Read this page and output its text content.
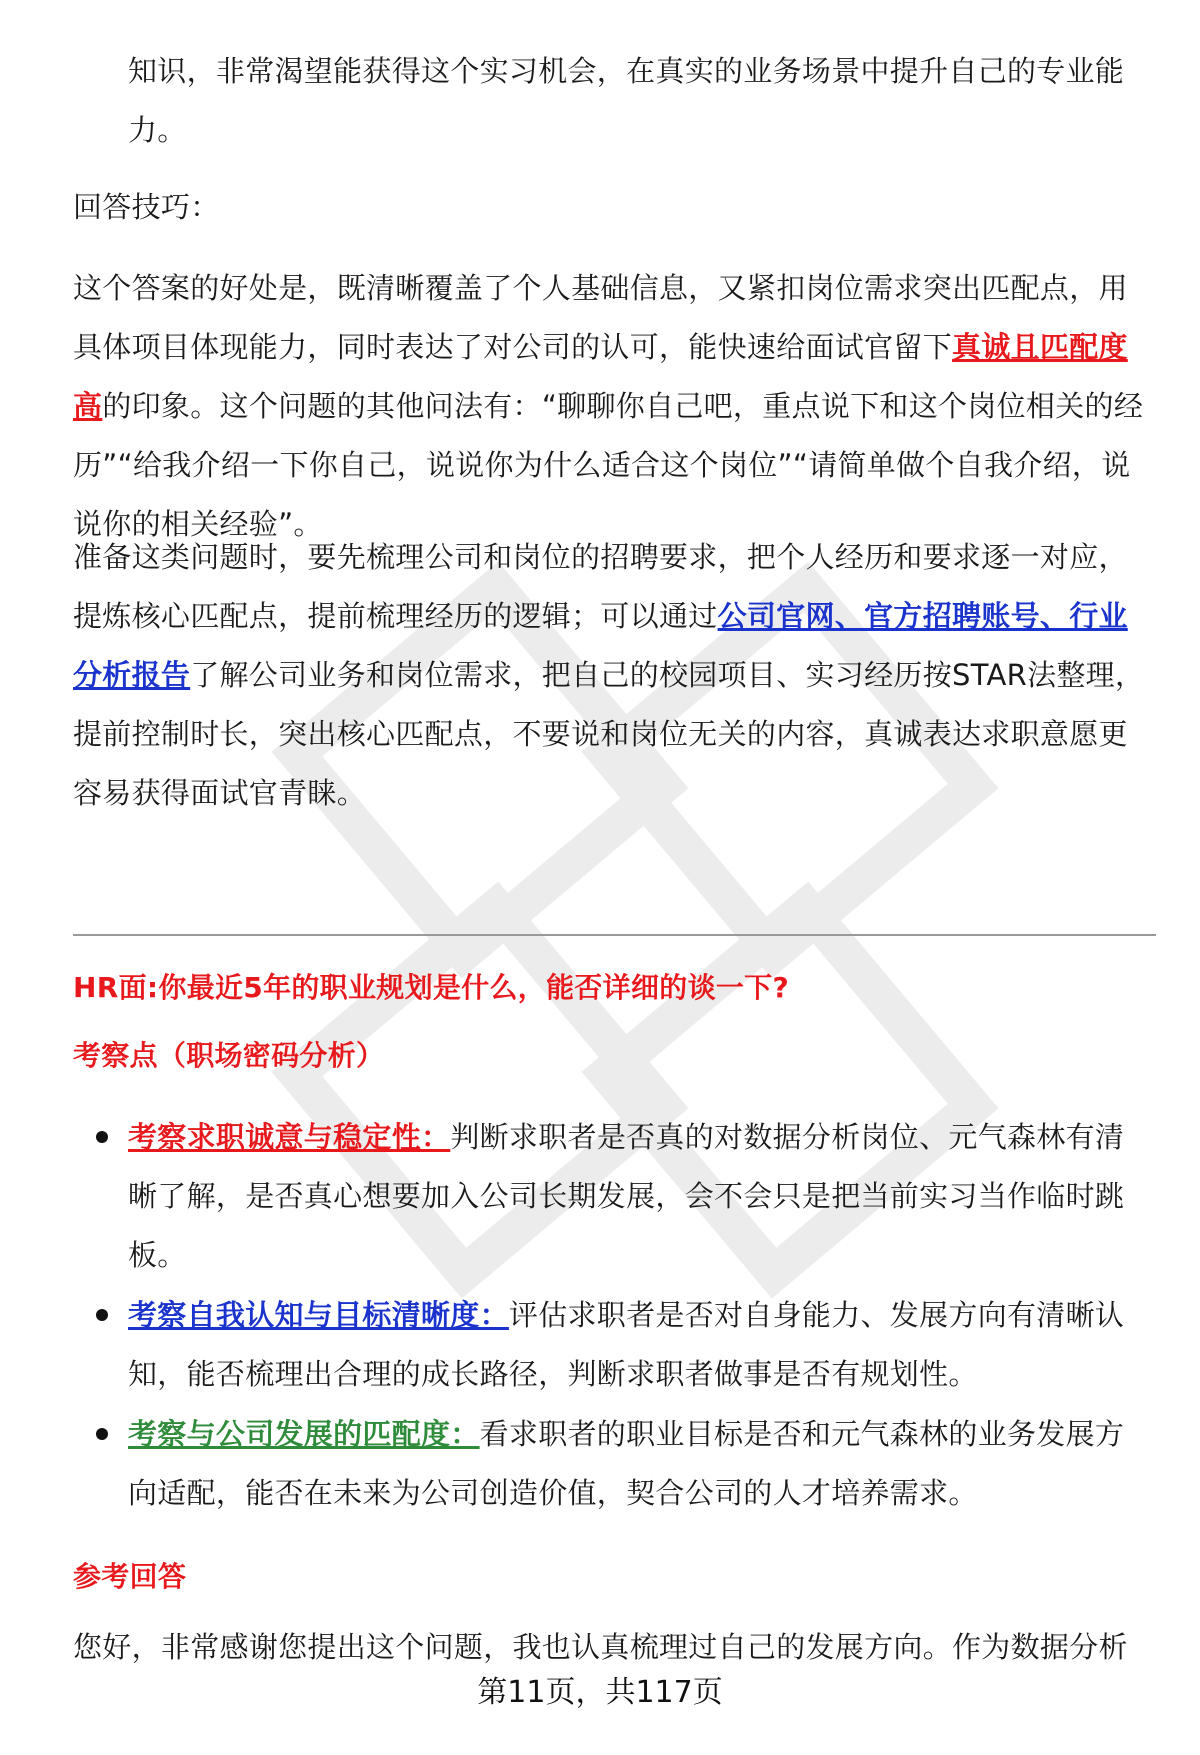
知识，非常渴望能获得这个实习机会，在真实的业务场景中提升自己的专业能

力。

回答技巧：

这个答案的好处是，既清晰覆盖了个人基础信息，又紧扣岗位需求突出匹配点，用具体项目体现能力，同时表达了对公司的认可，能快速给面试官留下真诚且匹配度高的印象。这个问题的其他问法有：“聊聊你自己吧，重点说下和这个岗位相关的经历”“给我介绍一下你自己，说说你为什么适合这个岗位”“请简单做个自我介绍，说说你的相关经验”。

准备这类问题时，要先梳理公司和岗位的招聘要求，把个人经历和要求逐一对应，提炼核心匹配点，提前梳理经历的逻辑；可以通过公司官网、官方招聘账号、行业分析报告了解公司业务和岗位需求，把自己的校园项目、实习经历按STAR法整理，提前控制时长，突出核心匹配点，不要说和岗位无关的内容，真诚表达求职意愿更容易获得面试官青睐。

HR面:你最近5年的职业规划是什么，能否详细的谈一下?

考察点（职场密码分析）

考察求职诚意与稳定性：判断求职者是否真的对数据分析岗位、元气森林有清晰了解，是否真心想要加入公司长期发展，会不会只是把当前实习当作临时跳板。

考察自我认知与目标清晰度：评估求职者是否对自身能力、发展方向有清晰认知，能否梳理出合理的成长路径，判断求职者做事是否有规划性。

考察与公司发展的匹配度：看求职者的职业目标是否和元气森林的业务发展方向适配，能否在未来为公司创造价值，契合公司的人才培养需求。

参考回答

您好，非常感谢您提出这个问题，我也认真梳理过自己的发展方向。作为数据分析

第11页，共117页
